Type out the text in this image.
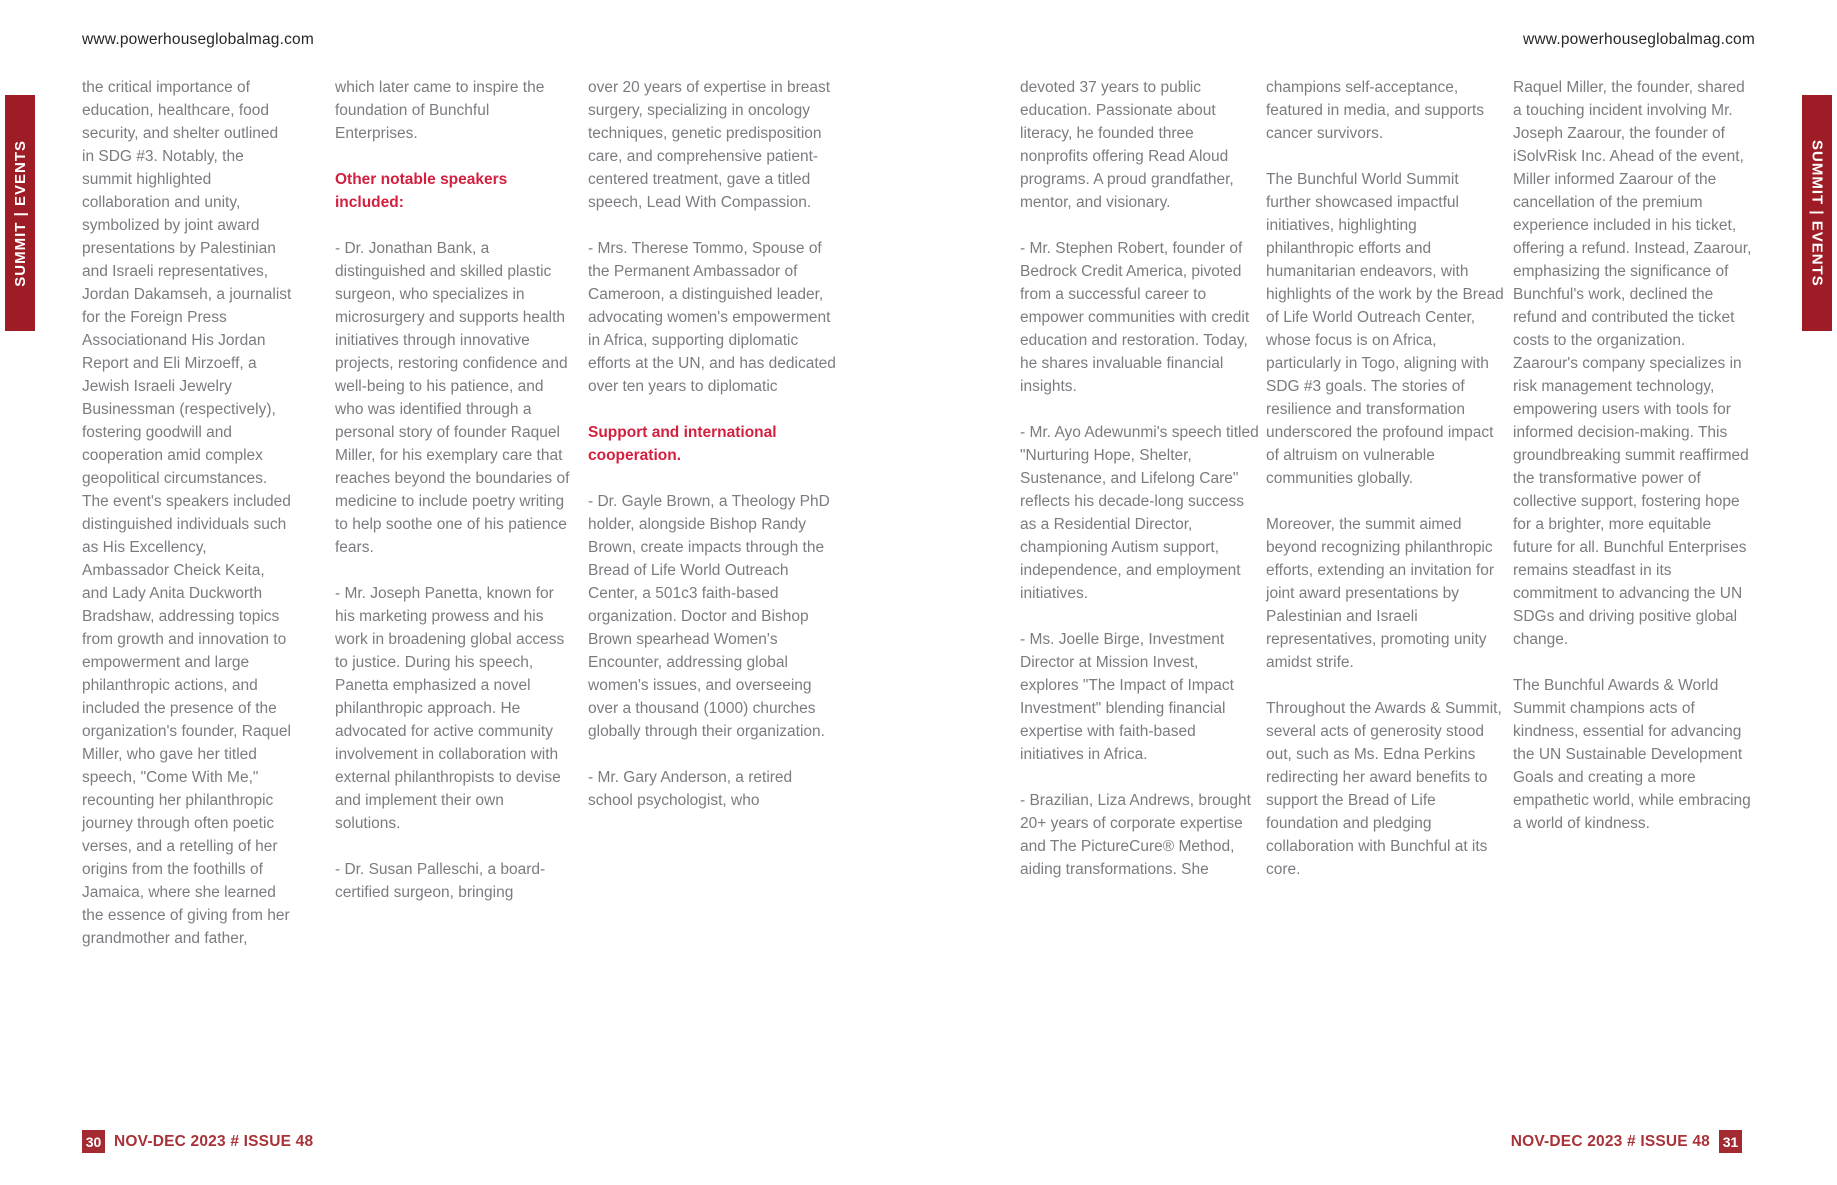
www.powerhouseglobalmag.com	www.powerhouseglobalmag.com
SUMMIT | EVENTS	SUMMIT | EVENTS

the critical importance of education, healthcare, food security, and shelter outlined in SDG #3. Notably, the summit highlighted collaboration and unity, symbolized by joint award presentations by Palestinian and Israeli representatives, Jordan Dakamseh, a journalist for the Foreign Press Associationand His Jordan Report and Eli Mirzoeff, a Jewish Israeli Jewelry Businessman (respectively), fostering goodwill and cooperation amid complex geopolitical circumstances. The event's speakers included distinguished individuals such as His Excellency, Ambassador Cheick Keita, and Lady Anita Duckworth Bradshaw, addressing topics from growth and innovation to empowerment and large philanthropic actions, and included the presence of the organization's founder, Raquel Miller, who gave her titled speech, "Come With Me," recounting her philanthropic journey through often poetic verses, and a retelling of her origins from the foothills of Jamaica, where she learned the essence of giving from her grandmother and father,

which later came to inspire the foundation of Bunchful Enterprises.

Other notable speakers included:

- Dr. Jonathan Bank, a distinguished and skilled plastic surgeon, who specializes in microsurgery and supports health initiatives through innovative projects, restoring confidence and well-being to his patience, and who was identified through a personal story of founder Raquel Miller, for his exemplary care that reaches beyond the boundaries of medicine to include poetry writing to help soothe one of his patience fears.

- Mr. Joseph Panetta, known for his marketing prowess and his work in broadening global access to justice. During his speech, Panetta emphasized a novel philanthropic approach. He advocated for active community involvement in collaboration with external philanthropists to devise and implement their own solutions.

- Dr. Susan Palleschi, a board-certified surgeon, bringing

over 20 years of expertise in breast surgery, specializing in oncology techniques, genetic predisposition care, and comprehensive patient-centered treatment, gave a titled speech, Lead With Compassion.

- Mrs. Therese Tommo, Spouse of the Permanent Ambassador of Cameroon, a distinguished leader, advocating women's empowerment in Africa, supporting diplomatic efforts at the UN, and has dedicated over ten years to diplomatic

Support and international cooperation.

- Dr. Gayle Brown, a Theology PhD holder, alongside Bishop Randy Brown, create impacts through the Bread of Life World Outreach Center, a 501c3 faith-based organization. Doctor and Bishop Brown spearhead Women's Encounter, addressing global women's issues, and overseeing over a thousand (1000) churches globally through their organization.

- Mr. Gary Anderson, a retired school psychologist, who

devoted 37 years to public education. Passionate about literacy, he founded three nonprofits offering Read Aloud programs. A proud grandfather, mentor, and visionary.

- Mr. Stephen Robert, founder of Bedrock Credit America, pivoted from a successful career to empower communities with credit education and restoration. Today, he shares invaluable financial insights.

- Mr. Ayo Adewunmi's speech titled "Nurturing Hope, Shelter, Sustenance, and Lifelong Care" reflects his decade-long success as a Residential Director, championing Autism support, independence, and employment initiatives.

- Ms. Joelle Birge, Investment Director at Mission Invest, explores "The Impact of Impact Investment" blending financial expertise with faith-based initiatives in Africa.

- Brazilian, Liza Andrews, brought 20+ years of corporate expertise and The PictureCure® Method, aiding transformations. She

champions self-acceptance, featured in media, and supports cancer survivors.

The Bunchful World Summit further showcased impactful initiatives, highlighting philanthropic efforts and humanitarian endeavors, with highlights of the work by the Bread of Life World Outreach Center, whose focus is on Africa, particularly in Togo, aligning with SDG #3 goals. The stories of resilience and transformation underscored the profound impact of altruism on vulnerable communities globally.

Moreover, the summit aimed beyond recognizing philanthropic efforts, extending an invitation for joint award presentations by Palestinian and Israeli representatives, promoting unity amidst strife.

Throughout the Awards & Summit, several acts of generosity stood out, such as Ms. Edna Perkins redirecting her award benefits to support the Bread of Life foundation and pledging collaboration with Bunchful at its core.

Raquel Miller, the founder, shared a touching incident involving Mr. Joseph Zaarour, the founder of iSolvRisk Inc. Ahead of the event, Miller informed Zaarour of the cancellation of the premium experience included in his ticket, offering a refund. Instead, Zaarour, emphasizing the significance of Bunchful's work, declined the refund and contributed the ticket costs to the organization. Zaarour's company specializes in risk management technology, empowering users with tools for informed decision-making. This groundbreaking summit reaffirmed the transformative power of collective support, fostering hope for a brighter, more equitable future for all. Bunchful Enterprises remains steadfast in its commitment to advancing the UN SDGs and driving positive global change.

The Bunchful Awards & World Summit champions acts of kindness, essential for advancing the UN Sustainable Development Goals and creating a more empathetic world, while embracing a world of kindness.

30 NOV-DEC 2023 # ISSUE 48	NOV-DEC 2023 # ISSUE 48 31
